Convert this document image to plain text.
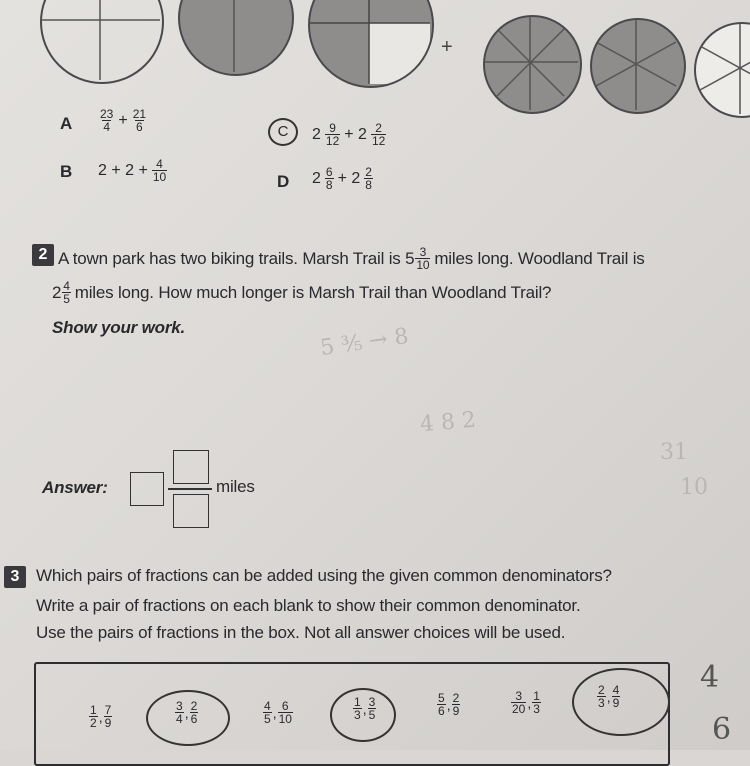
+
A $\frac{23}{4} + \frac{21}{6}$
B $2 + 2 + \frac{4}{10}$
C	$2 \frac{9}{12} + 2 \frac{2}{12}$
D $2 \frac{6}{8} + 2 \frac{2}{8}$
2 A town park has two biking trails. Marsh Trail is $5 \frac{3}{10}$ miles long. Woodland Trail is
$2 \frac{4}{5}$ miles long. How much longer is Marsh Trail than Woodland Trail?
Show your work.	5 ⅗ → 8
4 8 2
31
10
Answer:	miles
3 Which pairs of fractions can be added using the given common denominators?
Write a pair of fractions on each blank to show their common denominator.
Use the pairs of fractions in the box. Not all answer choices will be used.
$\frac{1}{2}$ , $\frac{7}{9}$	$\frac{3}{4}$ , $\frac{2}{6}$	$\frac{4}{5}$ , $\frac{6}{10}$	$\frac{1}{3}$ , $\frac{3}{5}$	$\frac{5}{6}$ , $\frac{2}{9}$	$\frac{3}{20}$ , $\frac{1}{3}$	$\frac{2}{3}$ , $\frac{4}{9}$
4
6
